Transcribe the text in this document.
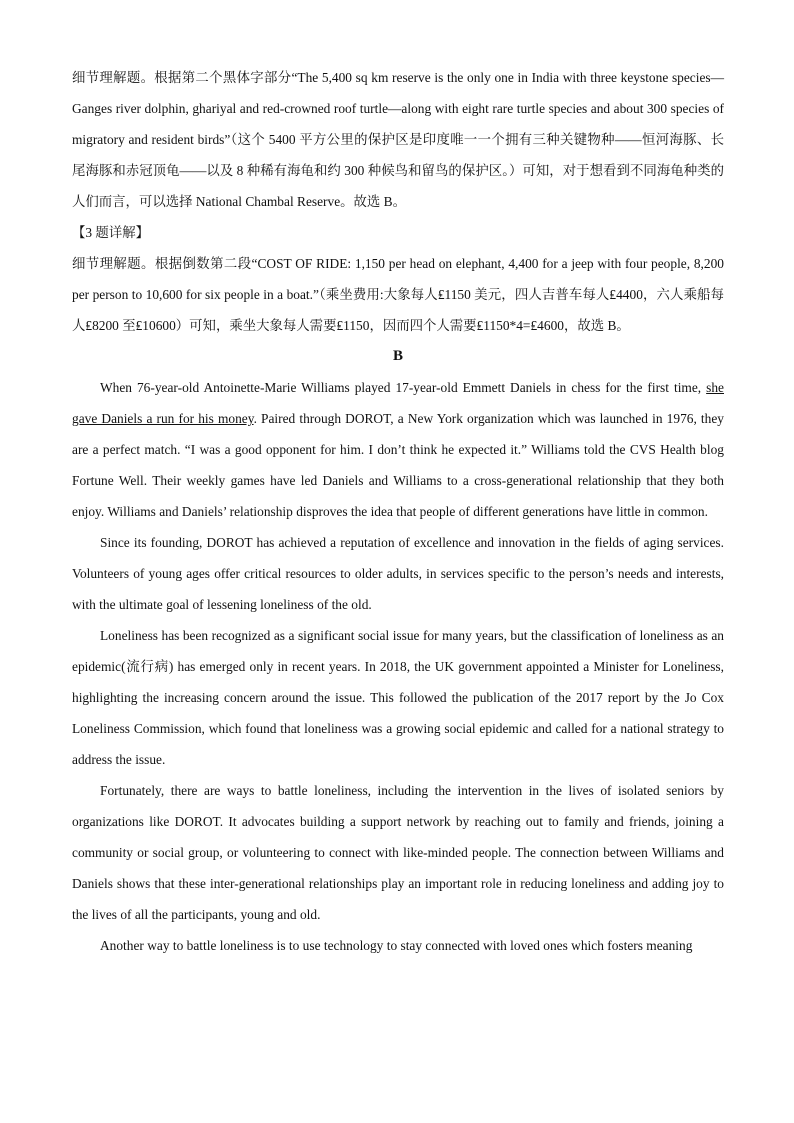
细节理解题。根据第二个黑体字部分“The 5,400 sq km reserve is the only one in India with three keystone species—Ganges river dolphin, ghariyal and red-crowned roof turtle—along with eight rare turtle species and about 300 species of migratory and resident birds”（这个 5400 平方公里的保护区是印度唯一一个拥有三种关键物种——恒河海豚、长尾海豚和赤冠顶龟——以及 8 种稀有海龟和约 300 种候鸟和留鸟的保护区。）可知，对于想看到不同海龟种类的人们而言，可以选择 National Chambal Reserve。故选 B。

【3 题详解】

细节理解题。根据倒数第二段“COST OF RIDE: 1,150 per head on elephant, 4,400 for a jeep with four people, 8,200 per person to 10,600 for six people in a boat.”（乘坐费用:大象每人₤1150 美元，四人吉普车每人₤4400，六人乘船每人₤8200 至₤10600）可知，乘坐大象每人需要₤1150，因而四个人需要₤1150*4=₤4600，故选 B。

B

When 76-year-old Antoinette-Marie Williams played 17-year-old Emmett Daniels in chess for the first time, she gave Daniels a run for his money. Paired through DOROT, a New York organization which was launched in 1976, they are a perfect match. “I was a good opponent for him. I don’t think he expected it.” Williams told the CVS Health blog Fortune Well. Their weekly games have led Daniels and Williams to a cross-generational relationship that they both enjoy. Williams and Daniels’ relationship disproves the idea that people of different generations have little in common.

Since its founding, DOROT has achieved a reputation of excellence and innovation in the fields of aging services. Volunteers of young ages offer critical resources to older adults, in services specific to the person’s needs and interests, with the ultimate goal of lessening loneliness of the old.

Loneliness has been recognized as a significant social issue for many years, but the classification of loneliness as an epidemic(流行病) has emerged only in recent years. In 2018, the UK government appointed a Minister for Loneliness, highlighting the increasing concern around the issue. This followed the publication of the 2017 report by the Jo Cox Loneliness Commission, which found that loneliness was a growing social epidemic and called for a national strategy to address the issue.

Fortunately, there are ways to battle loneliness, including the intervention in the lives of isolated seniors by organizations like DOROT. It advocates building a support network by reaching out to family and friends, joining a community or social group, or volunteering to connect with like-minded people. The connection between Williams and Daniels shows that these inter-generational relationships play an important role in reducing loneliness and adding joy to the lives of all the participants, young and old.

Another way to battle loneliness is to use technology to stay connected with loved ones which fosters meaning
